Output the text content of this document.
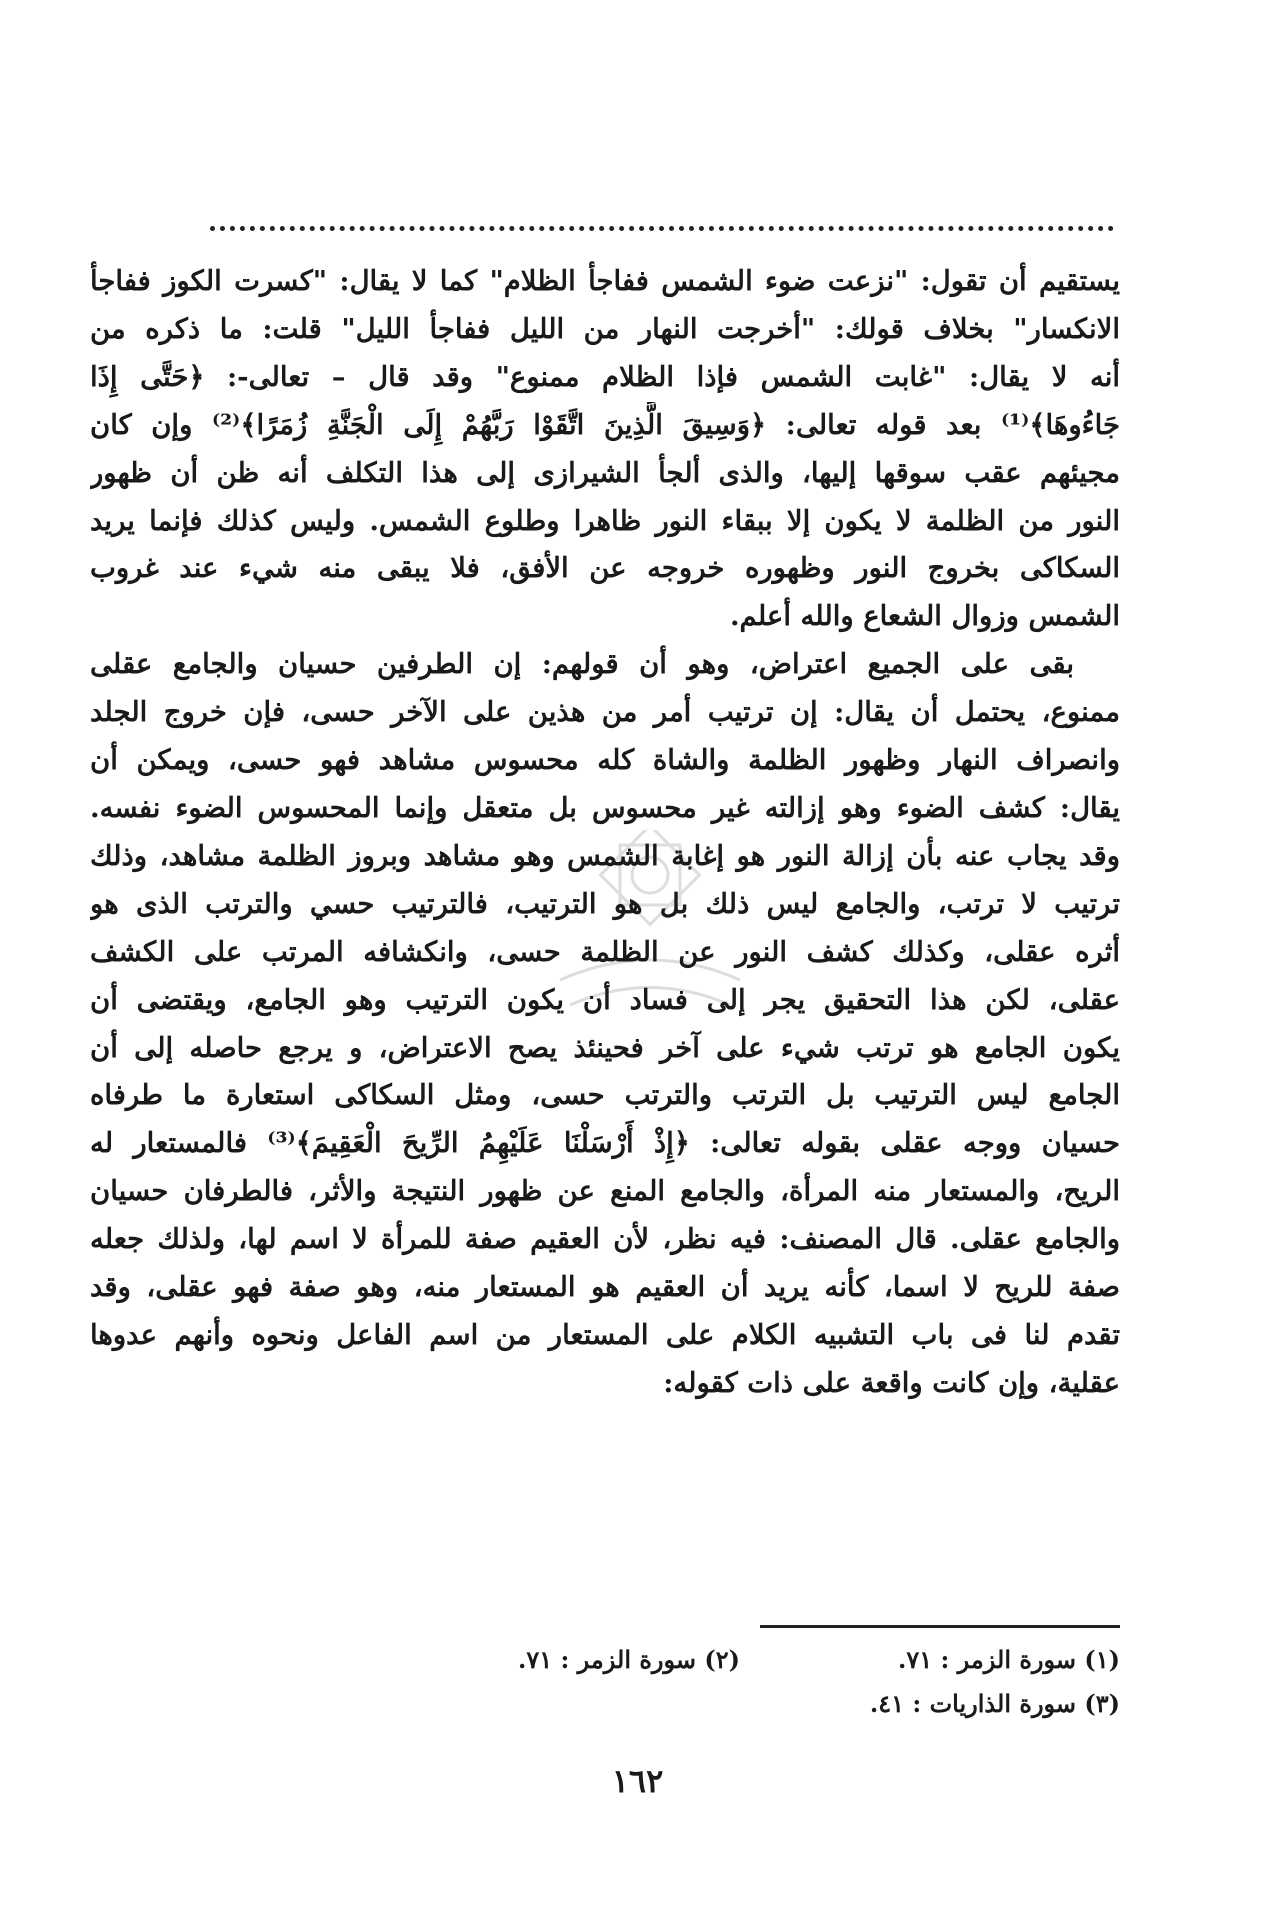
يستقيم أن تقول: "نزعت ضوء الشمس ففاجأ الظلام" كما لا يقال: "كسرت الكوز ففاجأ
الانكسار" بخلاف قولك: "أخرجت النهار من الليل ففاجأ الليل" قلت: ما ذكره من
أنه لا يقال: "غابت الشمس فإذا الظلام ممنوع" وقد قال – تعالى-: ﴿حَتَّى إِذَا
جَاءُوهَا﴾⁽¹⁾ بعد قوله تعالى: ﴿وَسِيقَ الَّذِينَ اتَّقَوْا رَبَّهُمْ إِلَى الْجَنَّةِ زُمَرًا﴾⁽²⁾ وإن كان
مجيئهم عقب سوقها إليها، والذى ألجأ الشيرازى إلى هذا التكلف أنه ظن أن ظهور
النور من الظلمة لا يكون إلا ببقاء النور ظاهرا وطلوع الشمس. وليس كذلك فإنما يريد
السكاكى بخروج النور وظهوره خروجه عن الأفق، فلا يبقى منه شيء عند غروب
الشمس وزوال الشعاع والله أعلم.

بقى على الجميع اعتراض، وهو أن قولهم: إن الطرفين حسيان والجامع عقلى
ممنوع، يحتمل أن يقال: إن ترتيب أمر من هذين على الآخر حسى، فإن خروج الجلد
وانصراف النهار وظهور الظلمة والشاة كله محسوس مشاهد فهو حسى، ويمكن أن
يقال: كشف الضوء وهو إزالته غير محسوس بل متعقل وإنما المحسوس الضوء نفسه.
وقد يجاب عنه بأن إزالة النور هو إغابة الشمس وهو مشاهد وبروز الظلمة مشاهد، وذلك
ترتيب لا ترتب، والجامع ليس ذلك بل هو الترتيب، فالترتيب حسي والترتب الذى هو
أثره عقلى، وكذلك كشف النور عن الظلمة حسى، وانكشافه المرتب على الكشف
عقلى، لكن هذا التحقيق يجر إلى فساد أن يكون الترتيب وهو الجامع، ويقتضى أن
يكون الجامع هو ترتب شيء على آخر فحينئذ يصح الاعتراض، و يرجع حاصله إلى أن
الجامع ليس الترتيب بل الترتب والترتب حسى، ومثل السكاكى استعارة ما طرفاه
حسيان ووجه عقلى بقوله تعالى: ﴿إِذْ أَرْسَلْنَا عَلَيْهِمُ الرِّيحَ الْعَقِيمَ﴾⁽³⁾ فالمستعار له
الريح، والمستعار منه المرأة، والجامع المنع عن ظهور النتيجة والأثر، فالطرفان حسيان
والجامع عقلى. قال المصنف: فيه نظر، لأن العقيم صفة للمرأة لا اسم لها، ولذلك جعله
صفة للريح لا اسما، كأنه يريد أن العقيم هو المستعار منه، وهو صفة فهو عقلى، وقد
تقدم لنا فى باب التشبيه الكلام على المستعار من اسم الفاعل ونحوه وأنهم عدوها
عقلية، وإن كانت واقعة على ذات كقوله:

(١) سورة الزمر : ٧١.
(٢) سورة الزمر : ٧١.
(٣) سورة الذاريات : ٤١.
١٦٢
